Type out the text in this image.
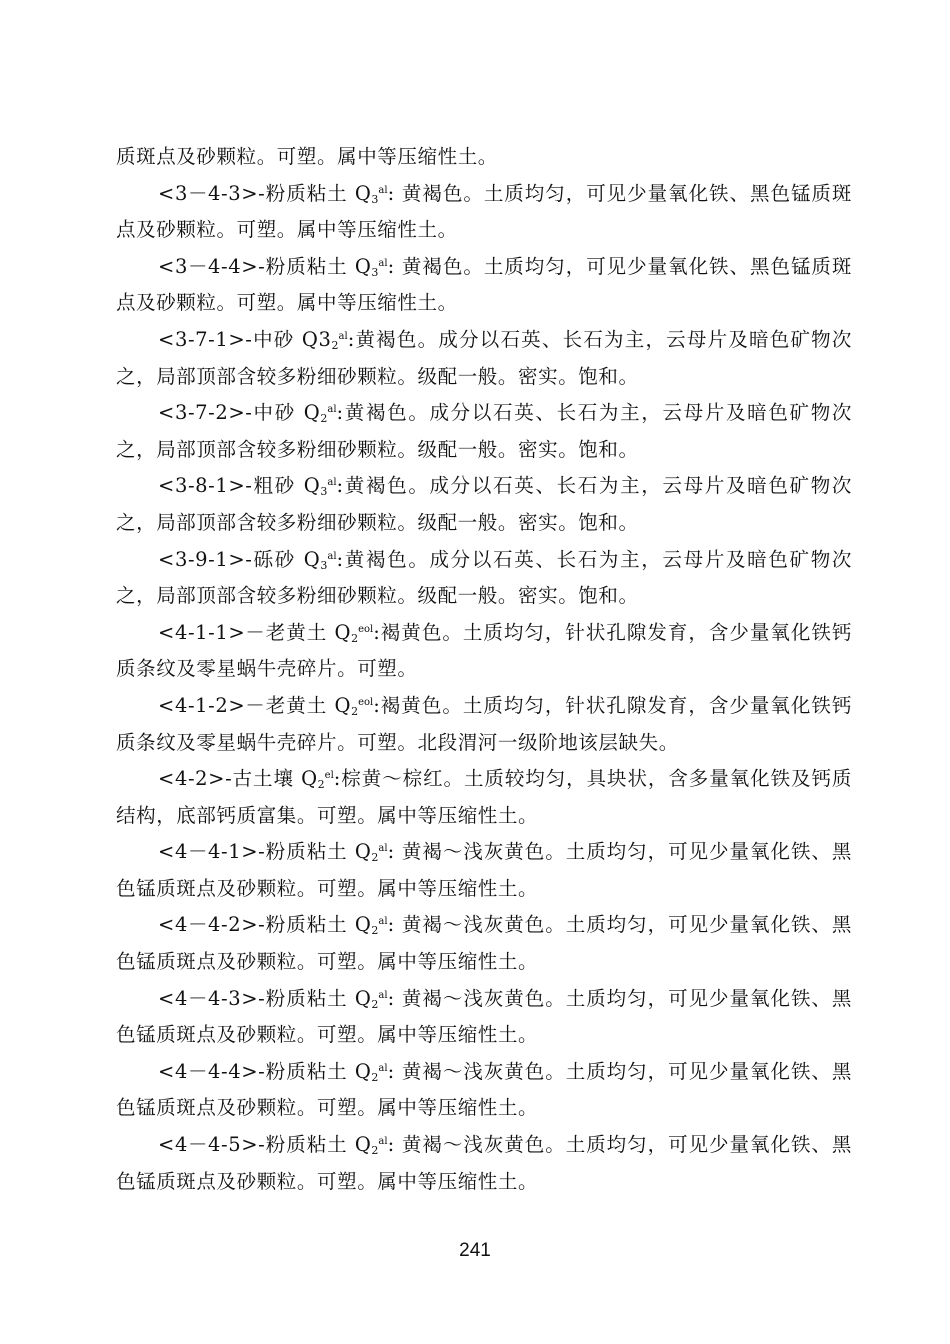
质斑点及砂颗粒。可塑。属中等压缩性土。

<3－4-3>-粉质粘土 $Q_3^{al}$: 黄褐色。土质均匀，可见少量氧化铁、黑色锰质斑点及砂颗粒。可塑。属中等压缩性土。

<3－4-4>-粉质粘土 $Q_3^{al}$: 黄褐色。土质均匀，可见少量氧化铁、黑色锰质斑点及砂颗粒。可塑。属中等压缩性土。

<3-7-1>-中砂 $Q3_2^{al}$:黄褐色。成分以石英、长石为主，云母片及暗色矿物次之，局部顶部含较多粉细砂颗粒。级配一般。密实。饱和。

<3-7-2>-中砂 $Q_2^{al}$:黄褐色。成分以石英、长石为主，云母片及暗色矿物次之，局部顶部含较多粉细砂颗粒。级配一般。密实。饱和。

<3-8-1>-粗砂 $Q_3^{al}$:黄褐色。成分以石英、长石为主，云母片及暗色矿物次之，局部顶部含较多粉细砂颗粒。级配一般。密实。饱和。

<3-9-1>-砾砂 $Q_3^{al}$:黄褐色。成分以石英、长石为主，云母片及暗色矿物次之，局部顶部含较多粉细砂颗粒。级配一般。密实。饱和。

<4-1-1>－老黄土 $Q_2^{eol}$:褐黄色。土质均匀，针状孔隙发育，含少量氧化铁钙质条纹及零星蜗牛壳碎片。可塑。

<4-1-2>－老黄土 $Q_2^{eol}$:褐黄色。土质均匀，针状孔隙发育，含少量氧化铁钙质条纹及零星蜗牛壳碎片。可塑。北段渭河一级阶地该层缺失。

<4-2>-古土壤 $Q_2^{el}$:棕黄～棕红。土质较均匀，具块状，含多量氧化铁及钙质结构，底部钙质富集。可塑。属中等压缩性土。

<4－4-1>-粉质粘土 $Q_2^{al}$: 黄褐～浅灰黄色。土质均匀，可见少量氧化铁、黑色锰质斑点及砂颗粒。可塑。属中等压缩性土。

<4－4-2>-粉质粘土 $Q_2^{al}$: 黄褐～浅灰黄色。土质均匀，可见少量氧化铁、黑色锰质斑点及砂颗粒。可塑。属中等压缩性土。

<4－4-3>-粉质粘土 $Q_2^{al}$: 黄褐～浅灰黄色。土质均匀，可见少量氧化铁、黑色锰质斑点及砂颗粒。可塑。属中等压缩性土。

<4－4-4>-粉质粘土 $Q_2^{al}$: 黄褐～浅灰黄色。土质均匀，可见少量氧化铁、黑色锰质斑点及砂颗粒。可塑。属中等压缩性土。

<4－4-5>-粉质粘土 $Q_2^{al}$: 黄褐～浅灰黄色。土质均匀，可见少量氧化铁、黑色锰质斑点及砂颗粒。可塑。属中等压缩性土。

241
